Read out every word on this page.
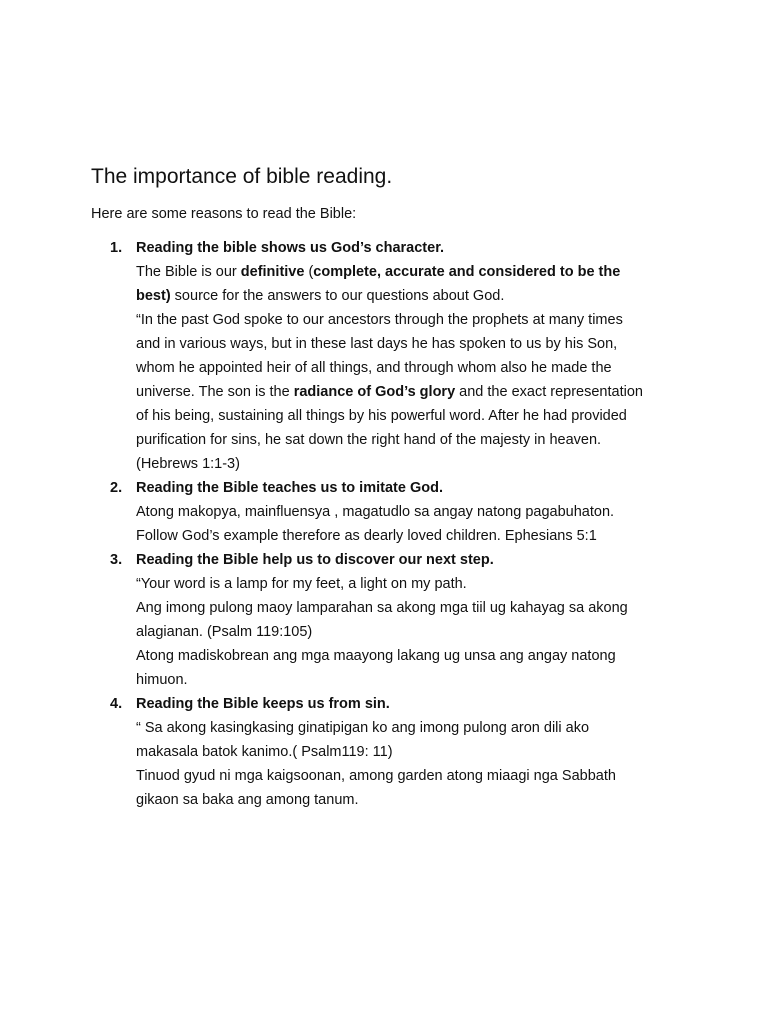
The importance of bible reading.
Here are some reasons to read the Bible:
1. Reading the bible shows us God’s character.
The Bible is our definitive (complete, accurate and considered to be the
best) source for the answers to our questions about God.
“In the past God spoke to our ancestors through the prophets at many times
and in various ways, but in these last days he has spoken to us by his Son,
whom he appointed heir of all things, and through whom also he made the
universe. The son is the radiance of God’s glory and the exact representation
of his being, sustaining all things by his powerful word. After he had provided
purification for sins, he sat down the right hand of the majesty in heaven.
(Hebrews 1:1-3)
2. Reading the Bible teaches us to imitate God.
Atong makopya, mainfluensya , magatudlo sa angay natong pagabuhaton.
Follow God’s example therefore as dearly loved children. Ephesians 5:1
3. Reading the Bible help us to discover our next step.
“Your word is a lamp for my feet, a light on my path.
Ang imong pulong maoy lamparahan sa akong mga tiil ug kahayag sa akong
alagianan. (Psalm 119:105)
Atong madiskobrean ang mga maayong lakang ug unsa ang angay natong
himuon.
4. Reading the Bible keeps us from sin.
“ Sa akong kasingkasing ginatipigan ko ang imong pulong aron dili ako
makasala batok kanimo.( Psalm119: 11)
Tinuod gyud ni mga kaigsoonan, among garden atong miaagi nga Sabbath
gikaon sa baka ang among tanum.
